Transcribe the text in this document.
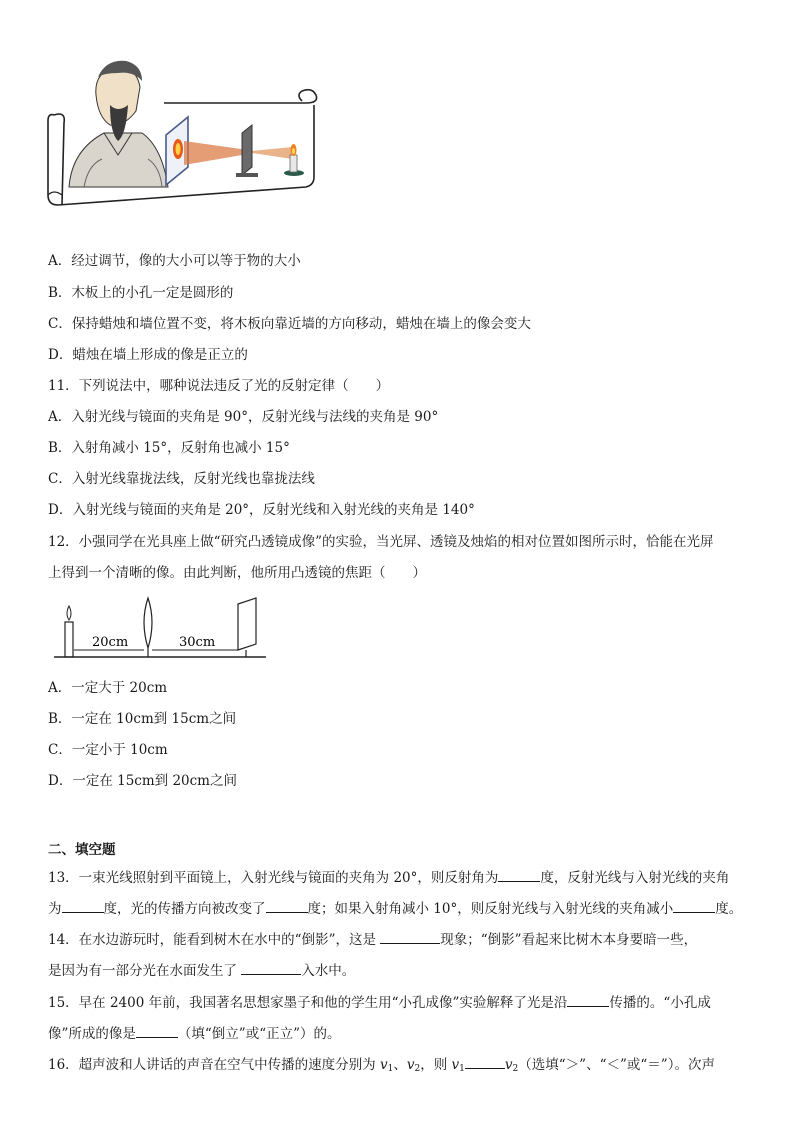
A．经过调节，像的大小可以等于物的大小
B．木板上的小孔一定是圆形的
C．保持蜡烛和墙位置不变，将木板向靠近墙的方向移动，蜡烛在墙上的像会变大
D．蜡烛在墙上形成的像是正立的
11．下列说法中，哪种说法违反了光的反射定律（　　）
A．入射光线与镜面的夹角是 90°，反射光线与法线的夹角是 90°
B．入射角减小 15°，反射角也减小 15°
C．入射光线靠拢法线，反射光线也靠拢法线
D．入射光线与镜面的夹角是 20°，反射光线和入射光线的夹角是 140°
12．小强同学在光具座上做“研究凸透镜成像”的实验，当光屏、透镜及烛焰的相对位置如图所示时，恰能在光屏
上得到一个清晰的像。由此判断，他所用凸透镜的焦距（　　）
20cm	30cm
A．一定大于 20cm
B．一定在 10cm到 15cm之间
C．一定小于 10cm
D．一定在 15cm到 20cm之间
二、填空题
13．一束光线照射到平面镜上，入射光线与镜面的夹角为 20°，则反射角为	度，反射光线与入射光线的夹角
为	度，光的传播方向被改变了	度；如果入射角减小 10°，则反射光线与入射光线的夹角减小	度。
14．在水边游玩时，能看到树木在水中的“倒影”，这是	现象；“倒影”看起来比树木本身要暗一些，
是因为有一部分光在水面发生了	入水中。
15．早在 2400 年前，我国著名思想家墨子和他的学生用“小孔成像”实验解释了光是沿	传播的。“小孔成
像”所成的像是	（填“倒立”或“正立”）的。
16．超声波和人讲话的声音在空气中传播的速度分别为 $v_1$、$v_2$，则 $v_1$	$v_2$（选填“＞”、“＜”或“＝”）。次声
